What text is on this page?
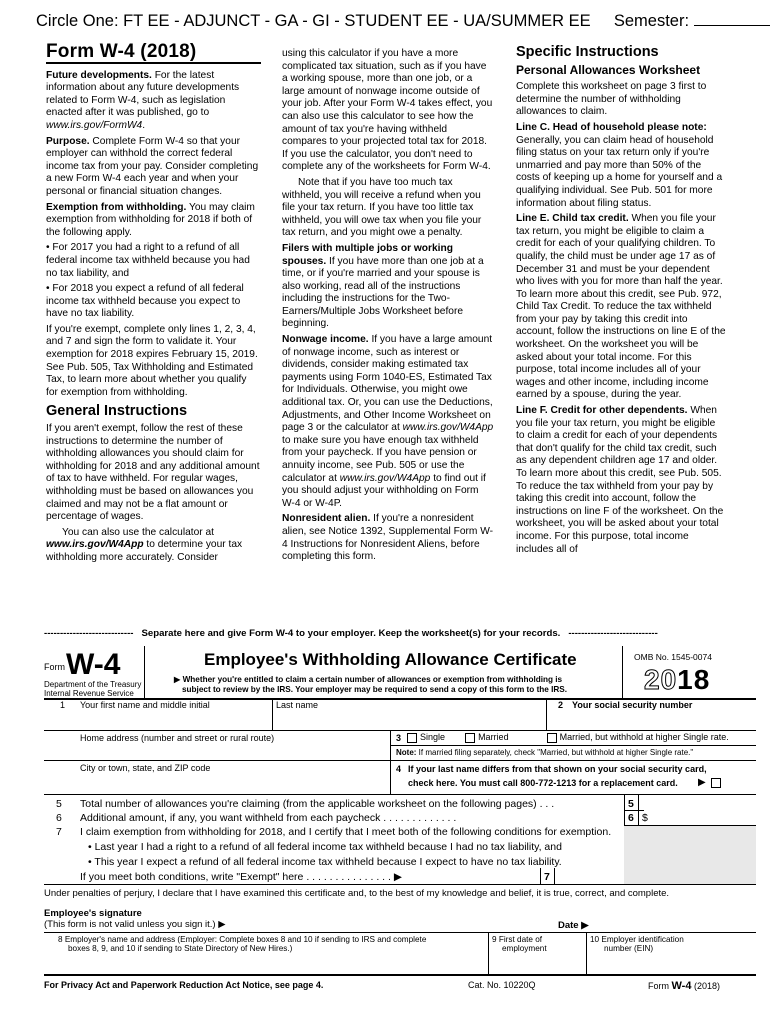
Circle One: FT EE - ADJUNCT - GA - GI - STUDENT EE - UA/SUMMER EE Semester:
Form W-4 (2018)

Future developments. For the latest information about any future developments related to Form W-4, such as legislation enacted after it was published, go to www.irs.gov/FormW4.

Purpose. Complete Form W-4 so that your employer can withhold the correct federal income tax from your pay. Consider completing a new Form W-4 each year and when your personal or financial situation changes.

Exemption from withholding. You may claim exemption from withholding for 2018 if both of the following apply.

• For 2017 you had a right to a refund of all federal income tax withheld because you had no tax liability, and

• For 2018 you expect a refund of all federal income tax withheld because you expect to have no tax liability.

If you're exempt, complete only lines 1, 2, 3, 4, and 7 and sign the form to validate it. Your exemption for 2018 expires February 15, 2019. See Pub. 505, Tax Withholding and Estimated Tax, to learn more about whether you qualify for exemption from withholding.

General Instructions

If you aren't exempt, follow the rest of these instructions to determine the number of withholding allowances you should claim for withholding for 2018 and any additional amount of tax to have withheld. For regular wages, withholding must be based on allowances you claimed and may not be a flat amount or percentage of wages.

You can also use the calculator at www.irs.gov/W4App to determine your tax withholding more accurately. Consider

using this calculator if you have a more complicated tax situation, such as if you have a working spouse, more than one job, or a large amount of nonwage income outside of your job. After your Form W-4 takes effect, you can also use this calculator to see how the amount of tax you're having withheld compares to your projected total tax for 2018. If you use the calculator, you don't need to complete any of the worksheets for Form W-4.

Note that if you have too much tax withheld, you will receive a refund when you file your tax return. If you have too little tax withheld, you will owe tax when you file your tax return, and you might owe a penalty.

Filers with multiple jobs or working spouses. If you have more than one job at a time, or if you're married and your spouse is also working, read all of the instructions including the instructions for the Two-Earners/Multiple Jobs Worksheet before beginning.

Nonwage income. If you have a large amount of nonwage income, such as interest or dividends, consider making estimated tax payments using Form 1040-ES, Estimated Tax for Individuals. Otherwise, you might owe additional tax. Or, you can use the Deductions, Adjustments, and Other Income Worksheet on page 3 or the calculator at www.irs.gov/W4App to make sure you have enough tax withheld from your paycheck. If you have pension or annuity income, see Pub. 505 or use the calculator at www.irs.gov/W4App to find out if you should adjust your withholding on Form W-4 or W-4P.

Nonresident alien. If you're a nonresident alien, see Notice 1392, Supplemental Form W-4 Instructions for Nonresident Aliens, before completing this form.

Specific Instructions
Personal Allowances Worksheet

Complete this worksheet on page 3 first to determine the number of withholding allowances to claim.

Line C. Head of household please note: Generally, you can claim head of household filing status on your tax return only if you're unmarried and pay more than 50% of the costs of keeping up a home for yourself and a qualifying individual. See Pub. 501 for more information about filing status.

Line E. Child tax credit. When you file your tax return, you might be eligible to claim a credit for each of your qualifying children. To qualify, the child must be under age 17 as of December 31 and must be your dependent who lives with you for more than half the year. To learn more about this credit, see Pub. 972, Child Tax Credit. To reduce the tax withheld from your pay by taking this credit into account, follow the instructions on line E of the worksheet. On the worksheet you will be asked about your total income. For this purpose, total income includes all of your wages and other income, including income earned by a spouse, during the year.

Line F. Credit for other dependents. When you file your tax return, you might be eligible to claim a credit for each of your dependents that don't qualify for the child tax credit, such as any dependent children age 17 and older. To learn more about this credit, see Pub. 505. To reduce the tax withheld from your pay by taking this credit into account, follow the instructions on line F of the worksheet. On the worksheet, you will be asked about your total income. For this purpose, total income includes all of

---------------------------- Separate here and give Form W-4 to your employer. Keep the worksheet(s) for your records. ----------------------------
Form W-4
Department of the Treasury
Internal Revenue Service
Employee's Withholding Allowance Certificate
▶ Whether you're entitled to claim a certain number of allowances or exemption from withholding is
subject to review by the IRS. Your employer may be required to send a copy of this form to the IRS.
OMB No. 1545-0074
2018
1 Your first name and middle initial	Last name	2 Your social security number
Home address (number and street or rural route)	3	Single	Married	Married, but withhold at higher Single rate.
Note: If married filing separately, check "Married, but withhold at higher Single rate."
City or town, state, and ZIP code	4 If your last name differs from that shown on your social security card,
check here. You must call 800-772-1213 for a replacement card. ▶
5 Total number of allowances you're claiming (from the applicable worksheet on the following pages) . . .	5
6 Additional amount, if any, you want withheld from each paycheck . . . . . . . . . . . . .	6 $
7 I claim exemption from withholding for 2018, and I certify that I meet both of the following conditions for exemption.
• Last year I had a right to a refund of all federal income tax withheld because I had no tax liability, and
• This year I expect a refund of all federal income tax withheld because I expect to have no tax liability.
If you meet both conditions, write "Exempt" here . . . . . . . . . . . . . . . ▶	7
Under penalties of perjury, I declare that I have examined this certificate and, to the best of my knowledge and belief, it is true, correct, and complete.
Employee's signature
(This form is not valid unless you sign it.) ▶	Date ▶
8 Employer's name and address (Employer: Complete boxes 8 and 10 if sending to IRS and complete
boxes 8, 9, and 10 if sending to State Directory of New Hires.)
9 First date of
employment
10 Employer identification
number (EIN)
For Privacy Act and Paperwork Reduction Act Notice, see page 4.	Cat. No. 10220Q	Form W-4 (2018)
